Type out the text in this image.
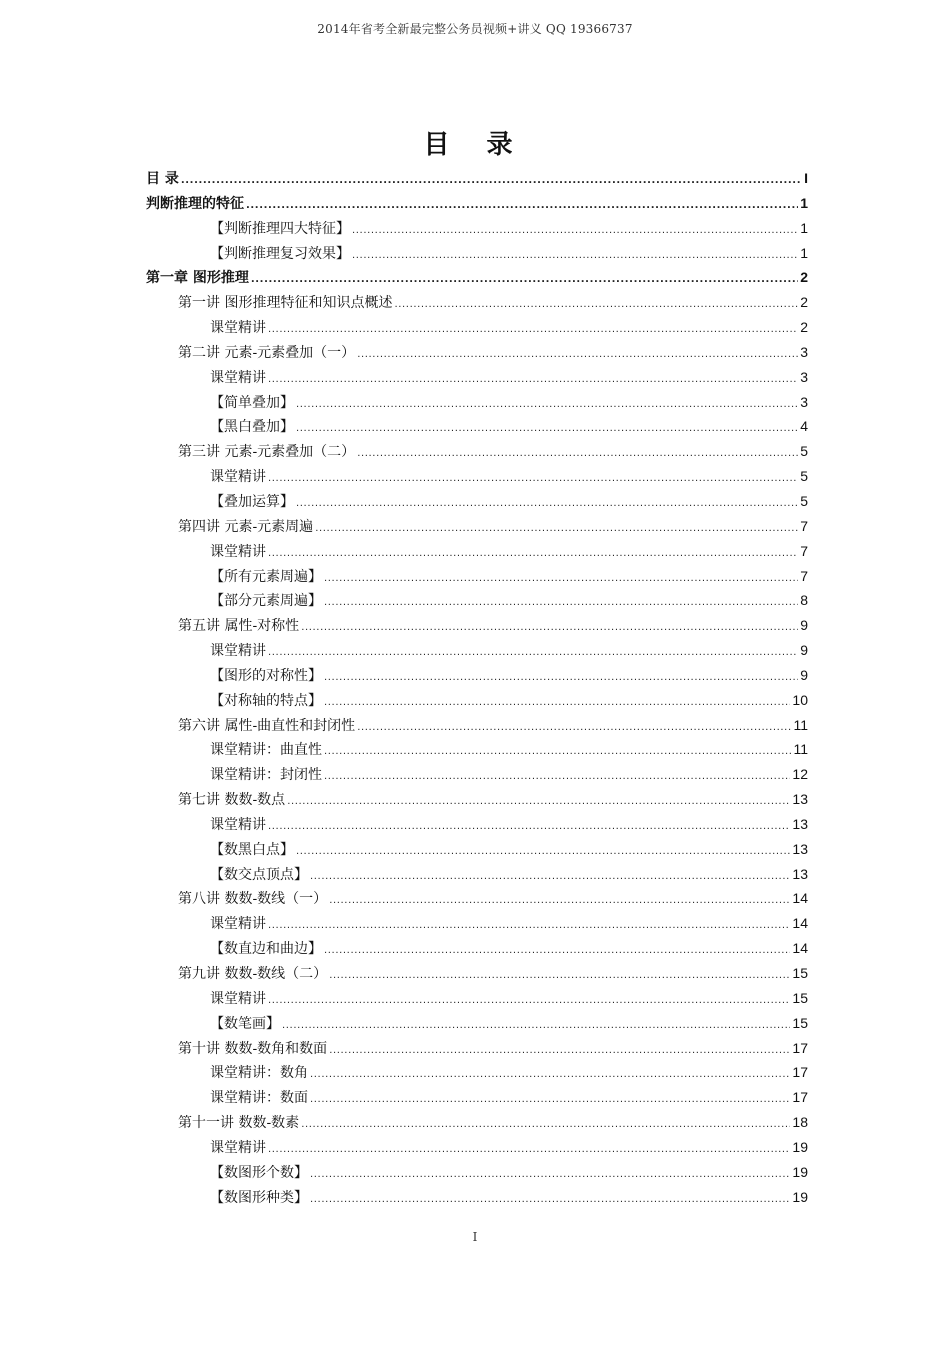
2014年省考全新最完整公务员视频+讲义 QQ 19366737
目 录
目 录 .....	I
判断推理的特征 .....	1
【判断推理四大特征】 .....	1
【判断推理复习效果】 .....	1
第一章 图形推理 .....	2
第一讲 图形推理特征和知识点概述 .....	2
课堂精讲 .....	2
第二讲 元素-元素叠加（一） .....	3
课堂精讲 .....	3
【简单叠加】 .....	3
【黑白叠加】 .....	4
第三讲 元素-元素叠加（二） .....	5
课堂精讲 .....	5
【叠加运算】 .....	5
第四讲 元素-元素周遍 .....	7
课堂精讲 .....	7
【所有元素周遍】 .....	7
【部分元素周遍】 .....	8
第五讲 属性-对称性 .....	9
课堂精讲 .....	9
【图形的对称性】 .....	9
【对称轴的特点】 .....	10
第六讲 属性-曲直性和封闭性 .....	11
课堂精讲：曲直性 .....	11
课堂精讲：封闭性 .....	12
第七讲 数数-数点 .....	13
课堂精讲 .....	13
【数黑白点】 .....	13
【数交点顶点】 .....	13
第八讲 数数-数线（一） .....	14
课堂精讲 .....	14
【数直边和曲边】 .....	14
第九讲 数数-数线（二） .....	15
课堂精讲 .....	15
【数笔画】 .....	15
第十讲 数数-数角和数面 .....	17
课堂精讲：数角 .....	17
课堂精讲：数面 .....	17
第十一讲 数数-数素 .....	18
课堂精讲 .....	19
【数图形个数】 .....	19
【数图形种类】 .....	19
I
